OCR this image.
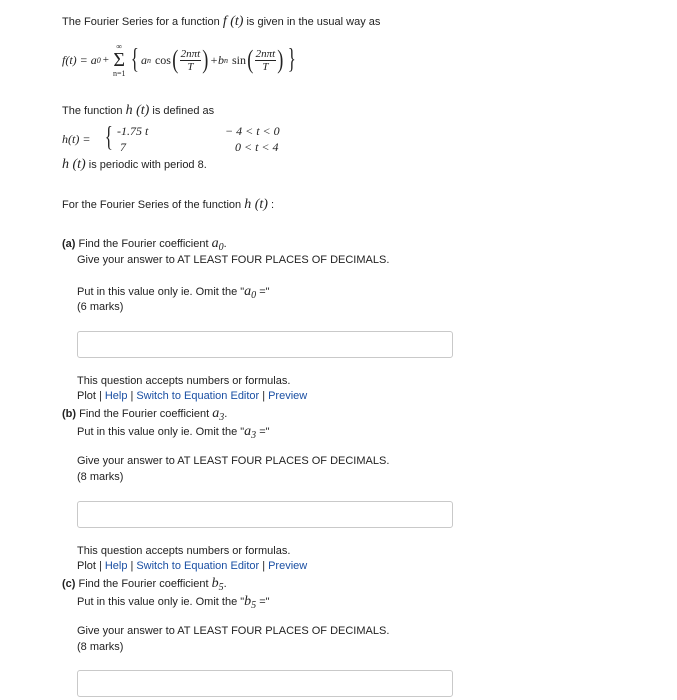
The Fourier Series for a function f (t) is given in the usual way as
f(t) = a 0 +
∞
Σ
n=1 { a n cos ( $\frac{\text{2nπt}}{T}$ ) +b n sin ( $\frac{\text{2nπt}}{T}$ ) }
The function h (t) is defined as
h(t) = { -1.75 t	− 4 < t < 0
7	0 < t < 4
h (t) is periodic with period 8.
For the Fourier Series of the function h (t) :
(a) Find the Fourier coefficient a0.
Give your answer to AT LEAST FOUR PLACES OF DECIMALS.
Put in this value only ie. Omit the "a0 ="
(6 marks)
This question accepts numbers or formulas.
Plot | Help | Switch to Equation Editor | Preview
(b) Find the Fourier coefficient a3.
Put in this value only ie. Omit the "a3 ="
Give your answer to AT LEAST FOUR PLACES OF DECIMALS.
(8 marks)
This question accepts numbers or formulas.
Plot | Help | Switch to Equation Editor | Preview
(c) Find the Fourier coefficient b5.
Put in this value only ie. Omit the "b5 ="
Give your answer to AT LEAST FOUR PLACES OF DECIMALS.
(8 marks)
